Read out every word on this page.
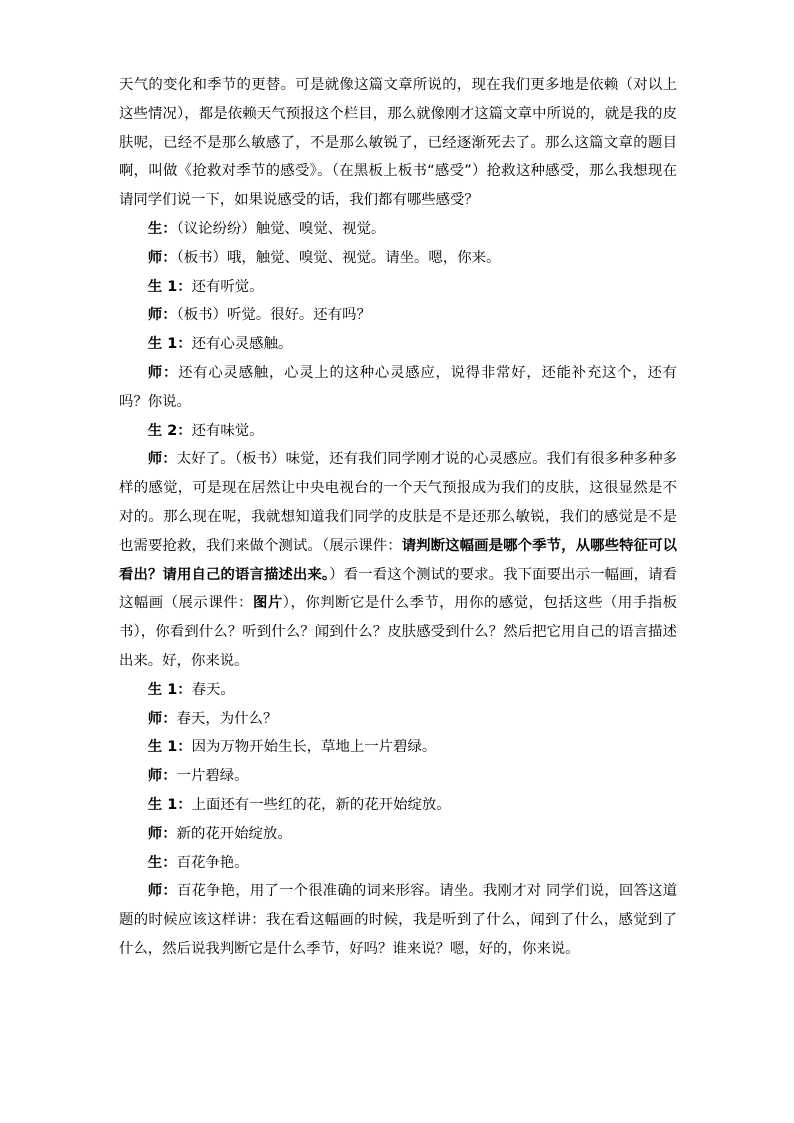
天气的变化和季节的更替。可是就像这篇文章所说的，现在我们更多地是依赖（对以上这些情况），都是依赖天气预报这个栏目，那么就像刚才这篇文章中所说的，就是我的皮肤呢，已经不是那么敏感了，不是那么敏锐了，已经逐渐死去了。那么这篇文章的题目啊，叫做《抢救对季节的感受》。（在黑板上板书“感受”）抢救这种感受，那么我想现在请同学们说一下，如果说感受的话，我们都有哪些感受？

生：（议论纷纷）触觉、嗅觉、视觉。

师：（板书）哦，触觉、嗅觉、视觉。请坐。嗯，你来。

生 1：还有听觉。

师：（板书）听觉。很好。还有吗？

生 1：还有心灵感触。

师：还有心灵感触，心灵上的这种心灵感应，说得非常好，还能补充这个，还有吗？你说。

生 2：还有味觉。

师：太好了。（板书）味觉，还有我们同学刚才说的心灵感应。我们有很多种多种多样的感觉，可是现在居然让中央电视台的一个天气预报成为我们的皮肤，这很显然是不对的。那么现在呢，我就想知道我们同学的皮肤是不是还那么敏锐，我们的感觉是不是也需要抢救，我们来做个测试。（展示课件：请判断这幅画是哪个季节，从哪些特征可以看出？请用自己的语言描述出来。）看一看这个测试的要求。我下面要出示一幅画，请看这幅画（展示课件：图片），你判断它是什么季节，用你的感觉，包括这些（用手指板书），你看到什么？听到什么？闻到什么？皮肤感受到什么？然后把它用自己的语言描述出来。好，你来说。

生 1：春天。

师：春天，为什么？

生 1：因为万物开始生长，草地上一片碧绿。

师：一片碧绿。

生 1：上面还有一些红的花，新的花开始绽放。

师：新的花开始绽放。

生：百花争艳。

师：百花争艳，用了一个很准确的词来形容。请坐。我刚才对 同学们说，回答这道题的时候应该这样讲：我在看这幅画的时候，我是听到了什么，闻到了什么，感觉到了什么，然后说我判断它是什么季节，好吗？谁来说？嗯，好的，你来说。
